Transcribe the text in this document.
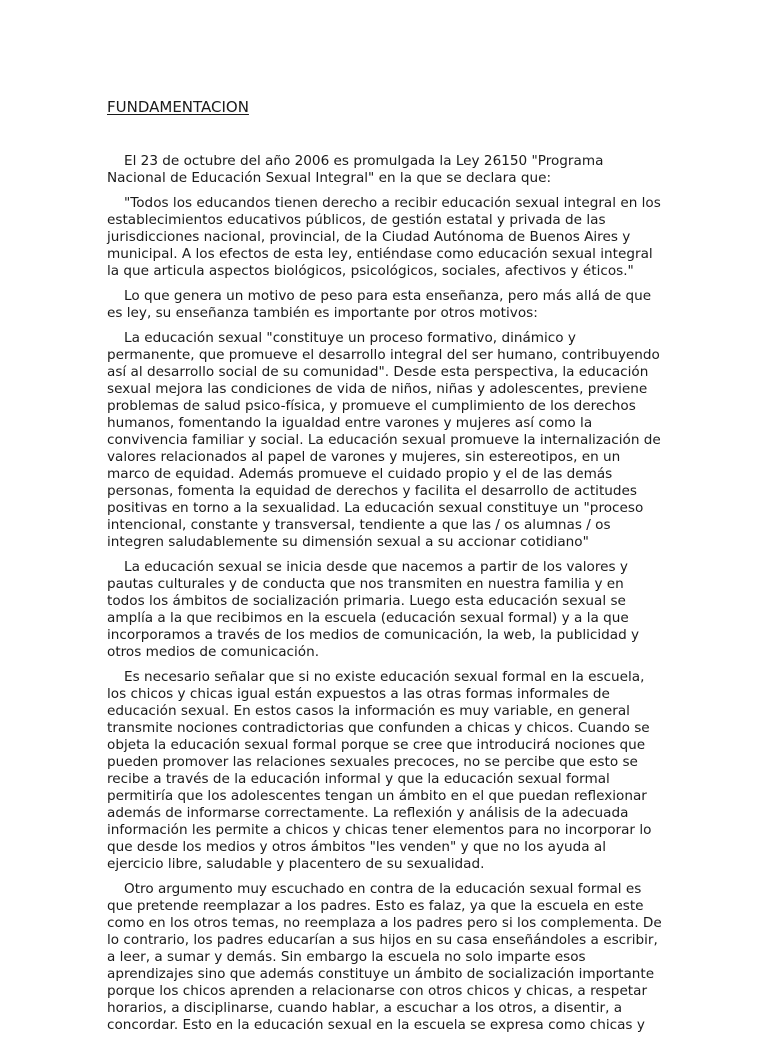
FUNDAMENTACION

El 23 de octubre del año 2006 es promulgada la Ley 26150 "Programa Nacional de Educación Sexual Integral" en la que se declara que:

"Todos los educandos tienen derecho a recibir educación sexual integral en los establecimientos educativos públicos, de gestión estatal y privada de las jurisdicciones nacional, provincial, de la Ciudad Autónoma de Buenos Aires y municipal. A los efectos de esta ley, entiéndase como educación sexual integral la que articula aspectos biológicos, psicológicos, sociales, afectivos y éticos."

Lo que genera un motivo de peso para esta enseñanza, pero más allá de que es ley, su enseñanza también es importante por otros motivos:

La educación sexual "constituye un proceso formativo, dinámico y permanente, que promueve el desarrollo integral del ser humano, contribuyendo así al desarrollo social de su comunidad". Desde esta perspectiva, la educación sexual mejora las condiciones de vida de niños, niñas y adolescentes, previene problemas de salud psico-física, y promueve el cumplimiento de los derechos humanos, fomentando la igualdad entre varones y mujeres así como la convivencia familiar y social. La educación sexual promueve la internalización de valores relacionados al papel de varones y mujeres, sin estereotipos, en un marco de equidad. Además promueve el cuidado propio y el de las demás personas, fomenta la equidad de derechos y facilita el desarrollo de actitudes positivas en torno a la sexualidad. La educación sexual constituye un "proceso intencional, constante y transversal, tendiente a que las / os alumnas / os integren saludablemente su dimensión sexual a su accionar cotidiano"

La educación sexual se inicia desde que nacemos a partir de los valores y pautas culturales y de conducta que nos transmiten en nuestra familia y en todos los ámbitos de socialización primaria. Luego esta educación sexual se amplía a la que recibimos en la escuela (educación sexual formal) y a la que incorporamos a través de los medios de comunicación, la web, la publicidad y otros medios de comunicación.

Es necesario señalar que si no existe educación sexual formal en la escuela, los chicos y chicas igual están expuestos a las otras formas informales de educación sexual. En estos casos la información es muy variable, en general transmite nociones contradictorias que confunden a chicas y chicos. Cuando se objeta la educación sexual formal porque se cree que introducirá nociones que pueden promover las relaciones sexuales precoces, no se percibe que esto se recibe a través de la educación informal y que la educación sexual formal permitiría que los adolescentes tengan un ámbito en el que puedan reflexionar además de informarse correctamente. La reflexión y análisis de la adecuada información les permite a chicos y chicas tener elementos para no incorporar lo que desde los medios y otros ámbitos "les venden" y que no los ayuda al ejercicio libre, saludable y placentero de su sexualidad.

Otro argumento muy escuchado en contra de la educación sexual formal es que pretende reemplazar a los padres. Esto es falaz, ya que la escuela en este como en los otros temas, no reemplaza a los padres pero si los complementa. De lo contrario, los padres educarían a sus hijos en su casa enseñándoles a escribir, a leer, a sumar y demás. Sin embargo la escuela no solo imparte esos aprendizajes sino que además constituye un ámbito de socialización importante porque los chicos aprenden a relacionarse con otros chicos y chicas, a respetar horarios, a disciplinarse, cuando hablar, a escuchar a los otros, a disentir, a concordar. Esto en la educación sexual en la escuela se expresa como chicas y
